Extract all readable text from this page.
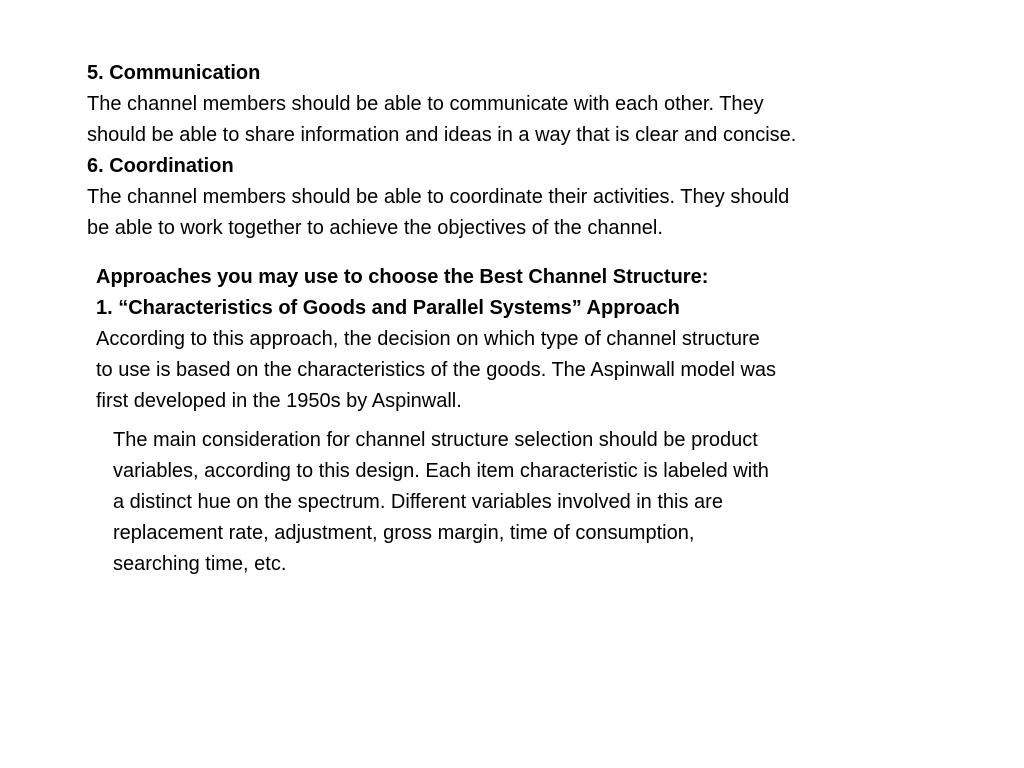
5. Communication

The channel members should be able to communicate with each other. They

should be able to share information and ideas in a way that is clear and concise.

6. Coordination

The channel members should be able to coordinate their activities. They should

be able to work together to achieve the objectives of the channel.

Approaches you may use to choose the Best Channel Structure:

1. “Characteristics of Goods and Parallel Systems” Approach

According to this approach, the decision on which type of channel structure

to use is based on the characteristics of the goods. The Aspinwall model was

first developed in the 1950s by Aspinwall.

The main consideration for channel structure selection should be product

variables, according to this design. Each item characteristic is labeled with

a distinct hue on the spectrum. Different variables involved in this are

replacement rate, adjustment, gross margin, time of consumption,

searching time, etc.
